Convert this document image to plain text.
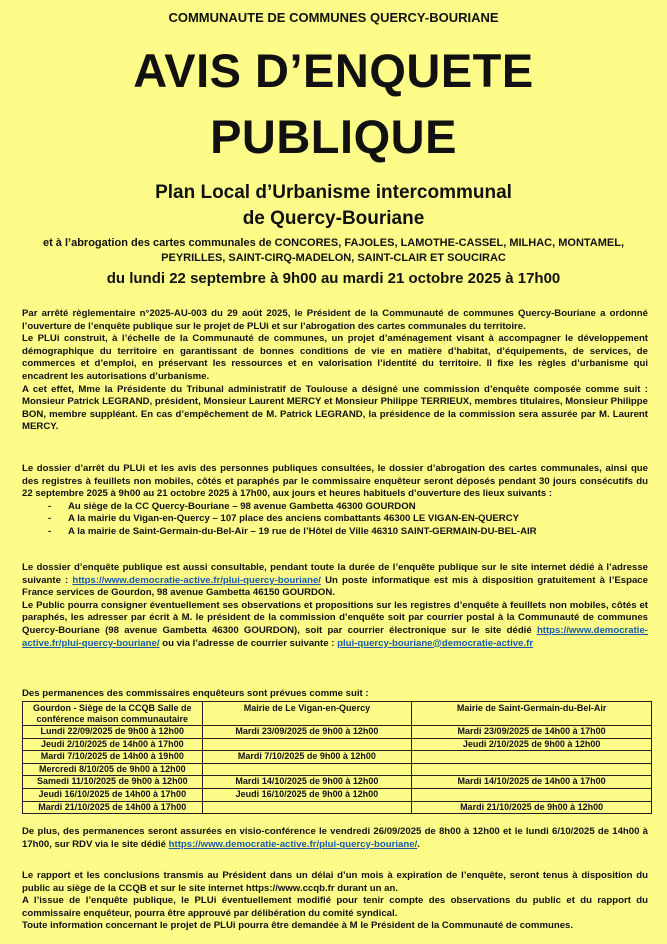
COMMUNAUTE DE COMMUNES QUERCY-BOURIANE
AVIS D’ENQUETE
PUBLIQUE
Plan Local d’Urbanisme intercommunal
de Quercy-Bouriane
et à l’abrogation des cartes communales de CONCORES, FAJOLES, LAMOTHE-CASSEL, MILHAC, MONTAMEL, PEYRILLES, SAINT-CIRQ-MADELON, SAINT-CLAIR ET SOUCIRAC
du lundi 22 septembre à 9h00 au mardi 21 octobre 2025 à 17h00

Par arrêté règlementaire n°2025-AU-003 du 29 août 2025, le Président de la Communauté de communes Quercy-Bouriane a ordonné l’ouverture de l’enquête publique sur le projet de PLUi et sur l’abrogation des cartes communales du territoire.

Le PLUi construit, à l’échelle de la Communauté de communes, un projet d’aménagement visant à accompagner le développement démographique du territoire en garantissant de bonnes conditions de vie en matière d’habitat, d’équipements, de services, de commerces et d’emploi, en préservant les ressources et en valorisation l’identité du territoire. Il fixe les règles d’urbanisme qui encadrent les autorisations d’urbanisme.

A cet effet, Mme la Présidente du Tribunal administratif de Toulouse a désigné une commission d’enquête composée comme suit : Monsieur Patrick LEGRAND, président, Monsieur Laurent MERCY et Monsieur Philippe TERRIEUX, membres titulaires, Monsieur Philippe BON, membre suppléant. En cas d’empêchement de M. Patrick LEGRAND, la présidence de la commission sera assurée par M. Laurent MERCY.

Le dossier d’arrêt du PLUi et les avis des personnes publiques consultées, le dossier d’abrogation des cartes communales, ainsi que des registres à feuillets non mobiles, côtés et paraphés par le commissaire enquêteur seront déposés pendant 30 jours consécutifs du 22 septembre 2025 à 9h00 au 21 octobre 2025 à 17h00, aux jours et heures habituels d’ouverture des lieux suivants :

- Au siège de la CC Quercy-Bouriane – 98 avenue Gambetta 46300 GOURDON
- A la mairie du Vigan-en-Quercy – 107 place des anciens combattants 46300 LE VIGAN-EN-QUERCY
- A la mairie de Saint-Germain-du-Bel-Air – 19 rue de l’Hôtel de Ville 46310 SAINT-GERMAIN-DU-BEL-AIR

Le dossier d’enquête publique est aussi consultable, pendant toute la durée de l’enquête publique sur le site internet dédié à l’adresse suivante : https://www.democratie-active.fr/plui-quercy-bouriane/ Un poste informatique est mis à disposition gratuitement à l’Espace France services de Gourdon, 98 avenue Gambetta 46150 GOURDON.

Le Public pourra consigner éventuellement ses observations et propositions sur les registres d’enquête à feuillets non mobiles, côtés et paraphés, les adresser par écrit à M. le président de la commission d’enquête soit par courrier postal à la Communauté de communes Quercy-Bouriane (98 avenue Gambetta 46300 GOURDON), soit par courrier électronique sur le site dédié https://www.democratie-active.fr/plui-quercy-bouriane/ ou via l’adresse de courrier suivante : plui-quercy-bouriane@democratie-active.fr

Des permanences des commissaires enquêteurs sont prévues comme suit :
Gourdon - Siège de la CCQB Salle de conférence maison communautaire	Mairie de Le Vigan-en-Quercy	Mairie de Saint-Germain-du-Bel-Air
Lundi 22/09/2025 de 9h00 à 12h00	Mardi 23/09/2025 de 9h00 à 12h00	Mardi 23/09/2025 de 14h00 à 17h00
Jeudi 2/10/2025 de 14h00 à 17h00		Jeudi 2/10/2025 de 9h00 à 12h00
Mardi 7/10/2025 de 14h00 à 19h00	Mardi 7/10/2025 de 9h00 à 12h00	
Mercredi 8/10/205 de 9h00 à 12h00		
Samedi 11/10/2025 de 9h00 à 12h00	Mardi 14/10/2025 de 9h00 à 12h00	Mardi 14/10/2025 de 14h00 à 17h00
Jeudi 16/10/2025 de 14h00 à 17h00	Jeudi 16/10/2025 de 9h00 à 12h00	
Mardi 21/10/2025 de 14h00 à 17h00		Mardi 21/10/2025 de 9h00 à 12h00

De plus, des permanences seront assurées en visio-conférence le vendredi 26/09/2025 de 8h00 à 12h00 et le lundi 6/10/2025 de 14h00 à 17h00, sur RDV via le site dédié https://www.democratie-active.fr/plui-quercy-bouriane/.

Le rapport et les conclusions transmis au Président dans un délai d’un mois à expiration de l’enquête, seront tenus à disposition du public au siège de la CCQB et sur le site internet https://www.ccqb.fr durant un an.

A l’issue de l’enquête publique, le PLUi éventuellement modifié pour tenir compte des observations du public et du rapport du commissaire enquêteur, pourra être approuvé par délibération du comité syndical.

Toute information concernant le projet de PLUi pourra être demandée à M le Président de la Communauté de communes.
